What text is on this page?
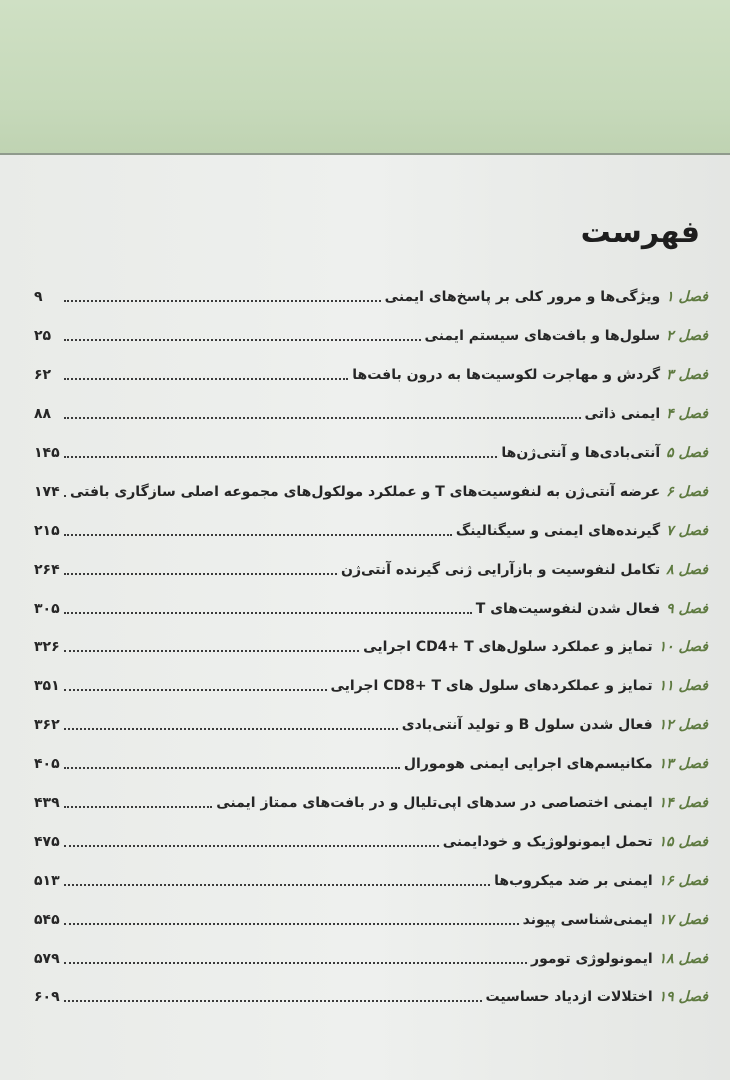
فهرست
فصل ۱
ویژگی‌ها و مرور کلی بر پاسخ‌های ایمنی
۹
فصل ۲
سلول‌ها و بافت‌های سیستم ایمنی
۲۵
فصل ۳
گردش و مهاجرت لکوسیت‌ها به درون بافت‌ها
۶۲
فصل ۴
ایمنی ذاتی
۸۸
فصل ۵
آنتی‌بادی‌ها و آنتی‌ژن‌ها
۱۴۵
فصل ۶
عرضه آنتی‌ژن به لنفوسیت‌های T و عملکرد مولکول‌های مجموعه اصلی سازگاری بافتی
۱۷۴
فصل ۷
گیرنده‌های ایمنی و سیگنالینگ
۲۱۵
فصل ۸
تکامل لنفوسیت و بازآرایی ژنی گیرنده آنتی‌ژن
۲۶۴
فصل ۹
فعال شدن لنفوسیت‌های T
۳۰۵
فصل ۱۰
تمایز و عملکرد سلول‌های CD4+ T اجرایی
۳۲۶
فصل ۱۱
تمایز و عملکردهای سلول های CD8+ T اجرایی
۳۵۱
فصل ۱۲
فعال شدن سلول B و تولید آنتی‌بادی
۳۶۲
فصل ۱۳
مکانیسم‌های اجرایی ایمنی هومورال
۴۰۵
فصل ۱۴
ایمنی اختصاصی در سدهای اپی‌تلیال و در بافت‌های ممتاز ایمنی
۴۳۹
فصل ۱۵
تحمل ایمونولوژیک و خودایمنی
۴۷۵
فصل ۱۶
ایمنی بر ضد میکروب‌ها
۵۱۳
فصل ۱۷
ایمنی‌شناسی پیوند
۵۴۵
فصل ۱۸
ایمونولوژی تومور
۵۷۹
فصل ۱۹
اختلالات ازدیاد حساسیت
۶۰۹
